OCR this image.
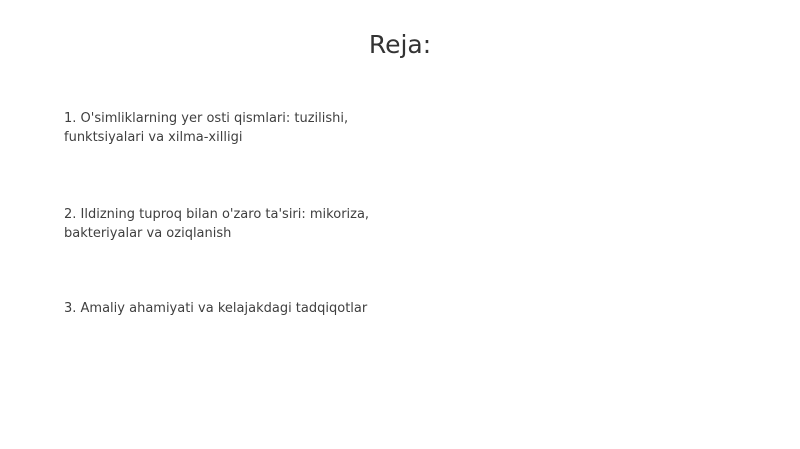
Reja:

1. O'simliklarning yer osti qismlari: tuzilishi, funktsiyalari va xilma-xilligi

2. Ildizning tuproq bilan o'zaro ta'siri: mikoriza, bakteriyalar va oziqlanish

3. Amaliy ahamiyati va kelajakdagi tadqiqotlar
